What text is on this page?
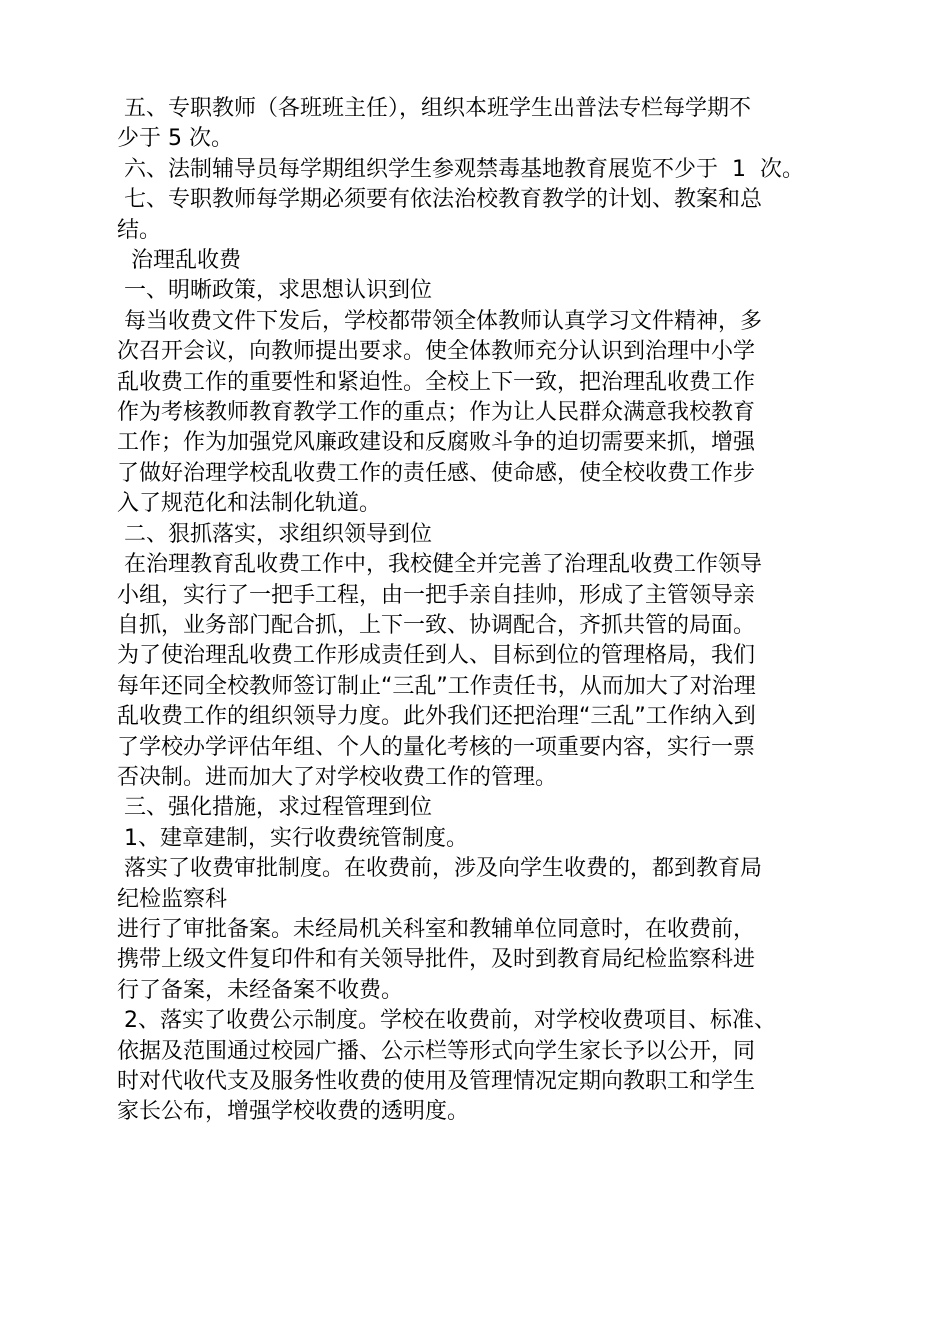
五、专职教师（各班班主任），组织本班学生出普法专栏每学期不

少于 5 次。

六、法制辅导员每学期组织学生参观禁毒基地教育展览不少于  1  次。

七、专职教师每学期必须要有依法治校教育教学的计划、教案和总

结。

治理乱收费

一、明晰政策，求思想认识到位

每当收费文件下发后，学校都带领全体教师认真学习文件精神，多

次召开会议，向教师提出要求。使全体教师充分认识到治理中小学

乱收费工作的重要性和紧迫性。全校上下一致，把治理乱收费工作

作为考核教师教育教学工作的重点；作为让人民群众满意我校教育

工作；作为加强党风廉政建设和反腐败斗争的迫切需要来抓，增强

了做好治理学校乱收费工作的责任感、使命感，使全校收费工作步

入了规范化和法制化轨道。

二、狠抓落实，求组织领导到位

在治理教育乱收费工作中，我校健全并完善了治理乱收费工作领导

小组，实行了一把手工程，由一把手亲自挂帅，形成了主管领导亲

自抓，业务部门配合抓，上下一致、协调配合，齐抓共管的局面。

为了使治理乱收费工作形成责任到人、目标到位的管理格局，我们

每年还同全校教师签订制止“三乱”工作责任书，从而加大了对治理

乱收费工作的组织领导力度。此外我们还把治理“三乱”工作纳入到

了学校办学评估年组、个人的量化考核的一项重要内容，实行一票

否决制。进而加大了对学校收费工作的管理。

三、强化措施，求过程管理到位

1、建章建制，实行收费统管制度。

落实了收费审批制度。在收费前，涉及向学生收费的，都到教育局

纪检监察科

进行了审批备案。未经局机关科室和教辅单位同意时，在收费前，

携带上级文件复印件和有关领导批件，及时到教育局纪检监察科进

行了备案，未经备案不收费。

2、落实了收费公示制度。学校在收费前，对学校收费项目、标准、

依据及范围通过校园广播、公示栏等形式向学生家长予以公开，同

时对代收代支及服务性收费的使用及管理情况定期向教职工和学生

家长公布，增强学校收费的透明度。
